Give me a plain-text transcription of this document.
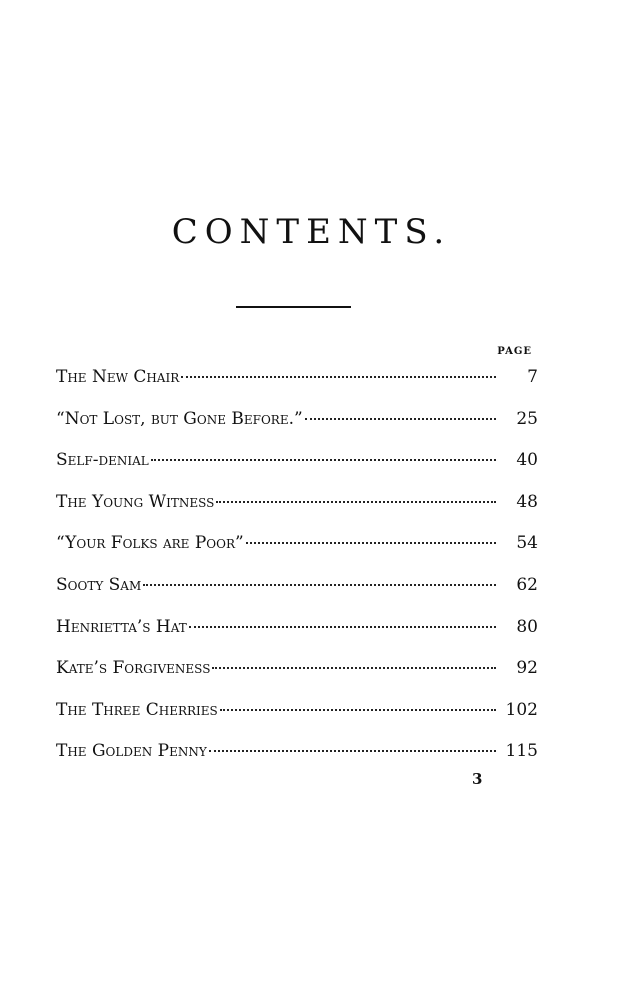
CONTENTS.
PAGE
The New Chair	7
“Not Lost, but Gone Before.”	25
Self-denial	40
The Young Witness	48
“Your Folks are Poor”	54
Sooty Sam	62
Henrietta’s Hat	80
Kate’s Forgiveness	92
The Three Cherries	102
The Golden Penny	115
3
